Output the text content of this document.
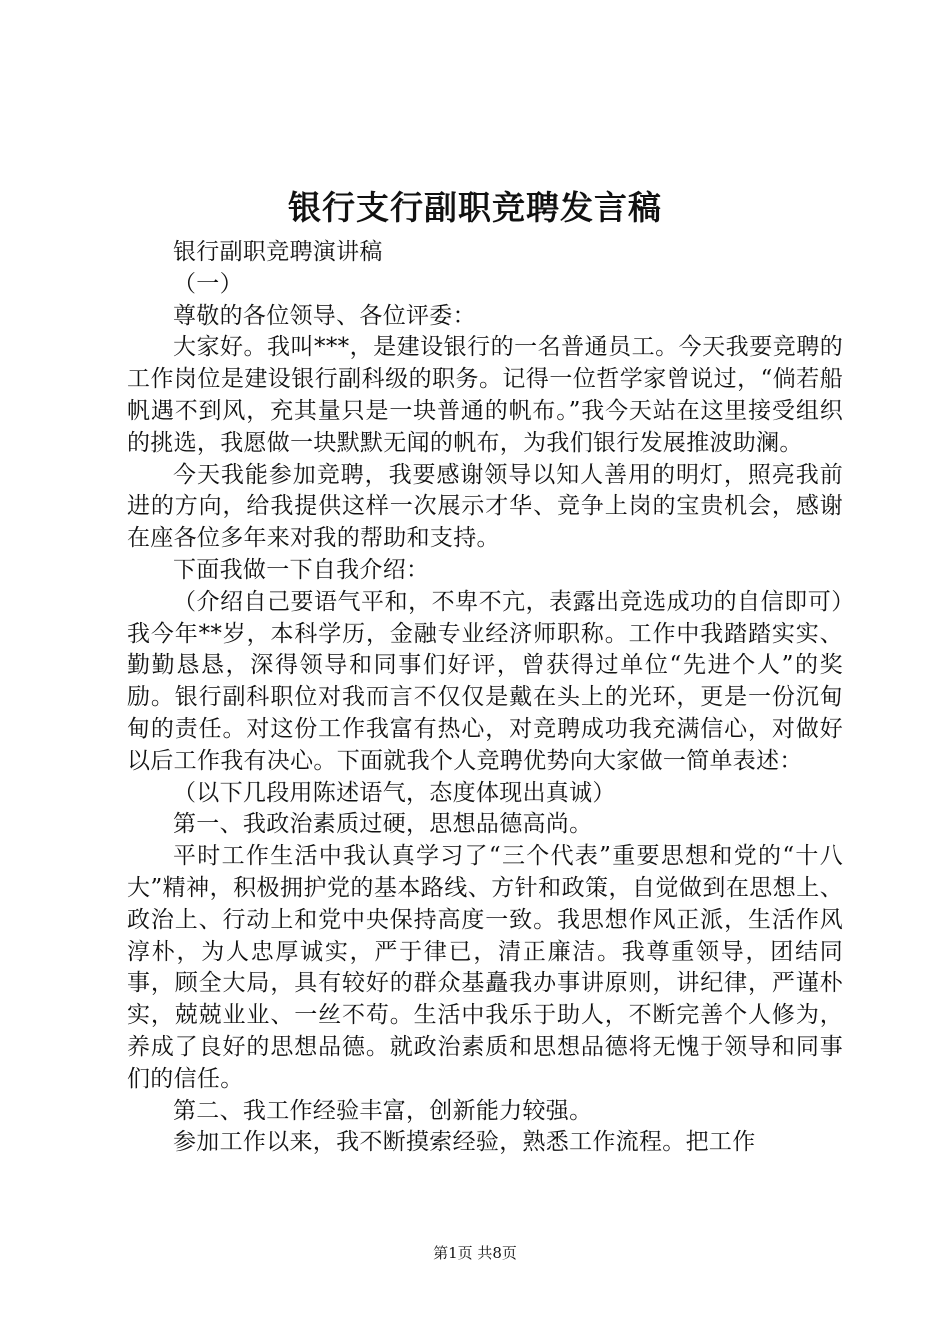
银行支行副职竞聘发言稿

银行副职竞聘演讲稿

（一）

尊敬的各位领导、各位评委：

大家好。我叫***，是建设银行的一名普通员工。今天我要竞聘的工作岗位是建设银行副科级的职务。记得一位哲学家曾说过，“倘若船帆遇不到风，充其量只是一块普通的帆布。”我今天站在这里接受组织的挑选，我愿做一块默默无闻的帆布，为我们银行发展推波助澜。

今天我能参加竞聘，我要感谢领导以知人善用的明灯，照亮我前进的方向，给我提供这样一次展示才华、竞争上岗的宝贵机会，感谢在座各位多年来对我的帮助和支持。

下面我做一下自我介绍：

（介绍自己要语气平和，不卑不亢，表露出竞选成功的自信即可）我今年**岁，本科学历，金融专业经济师职称。工作中我踏踏实实、勤勤恳恳，深得领导和同事们好评，曾获得过单位“先进个人”的奖励。银行副科职位对我而言不仅仅是戴在头上的光环，更是一份沉甸甸的责任。对这份工作我富有热心，对竞聘成功我充满信心，对做好以后工作我有决心。下面就我个人竞聘优势向大家做一简单表述：

（以下几段用陈述语气，态度体现出真诚）

第一、我政治素质过硬，思想品德高尚。

平时工作生活中我认真学习了“三个代表”重要思想和党的“十八大”精神，积极拥护党的基本路线、方针和政策，自觉做到在思想上、政治上、行动上和党中央保持高度一致。我思想作风正派，生活作风淳朴，为人忠厚诚实，严于律已，清正廉洁。我尊重领导，团结同事，顾全大局，具有较好的群众基矗我办事讲原则，讲纪律，严谨朴实，兢兢业业、一丝不苟。生活中我乐于助人，不断完善个人修为，养成了良好的思想品德。就政治素质和思想品德将无愧于领导和同事们的信任。

第二、我工作经验丰富，创新能力较强。

参加工作以来，我不断摸索经验，熟悉工作流程。把工作

第1页 共8页
